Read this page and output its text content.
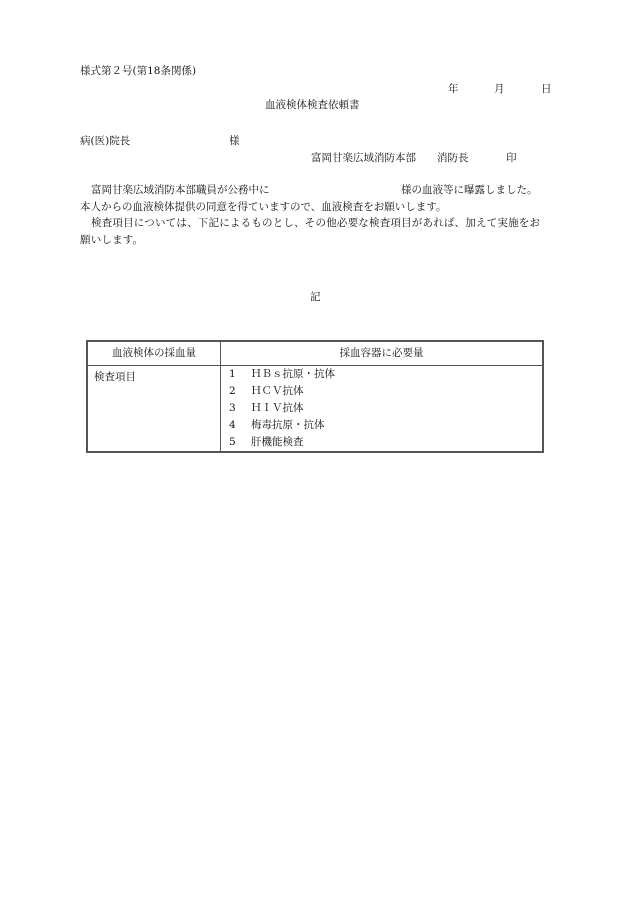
様式第２号(第18条関係)
年	月	日
血液検体検査依頼書
病(医)院長	様
富岡甘楽広域消防本部 消防長	印
富岡甘楽広域消防本部職員が公務中に	様の血液等に曝露しました。
本人からの血液検体提供の同意を得ていますので、血液検査をお願いします。
検査項目については、下記によるものとし、その他必要な検査項目があれば、加えて実施をお願いします。
記
血液検体の採血量	採血容器に必要量
検査項目	1 ＨＢｓ抗原・抗体
2 ＨＣＶ抗体
3 ＨＩＶ抗体
4 梅毒抗原・抗体
5 肝機能検査
